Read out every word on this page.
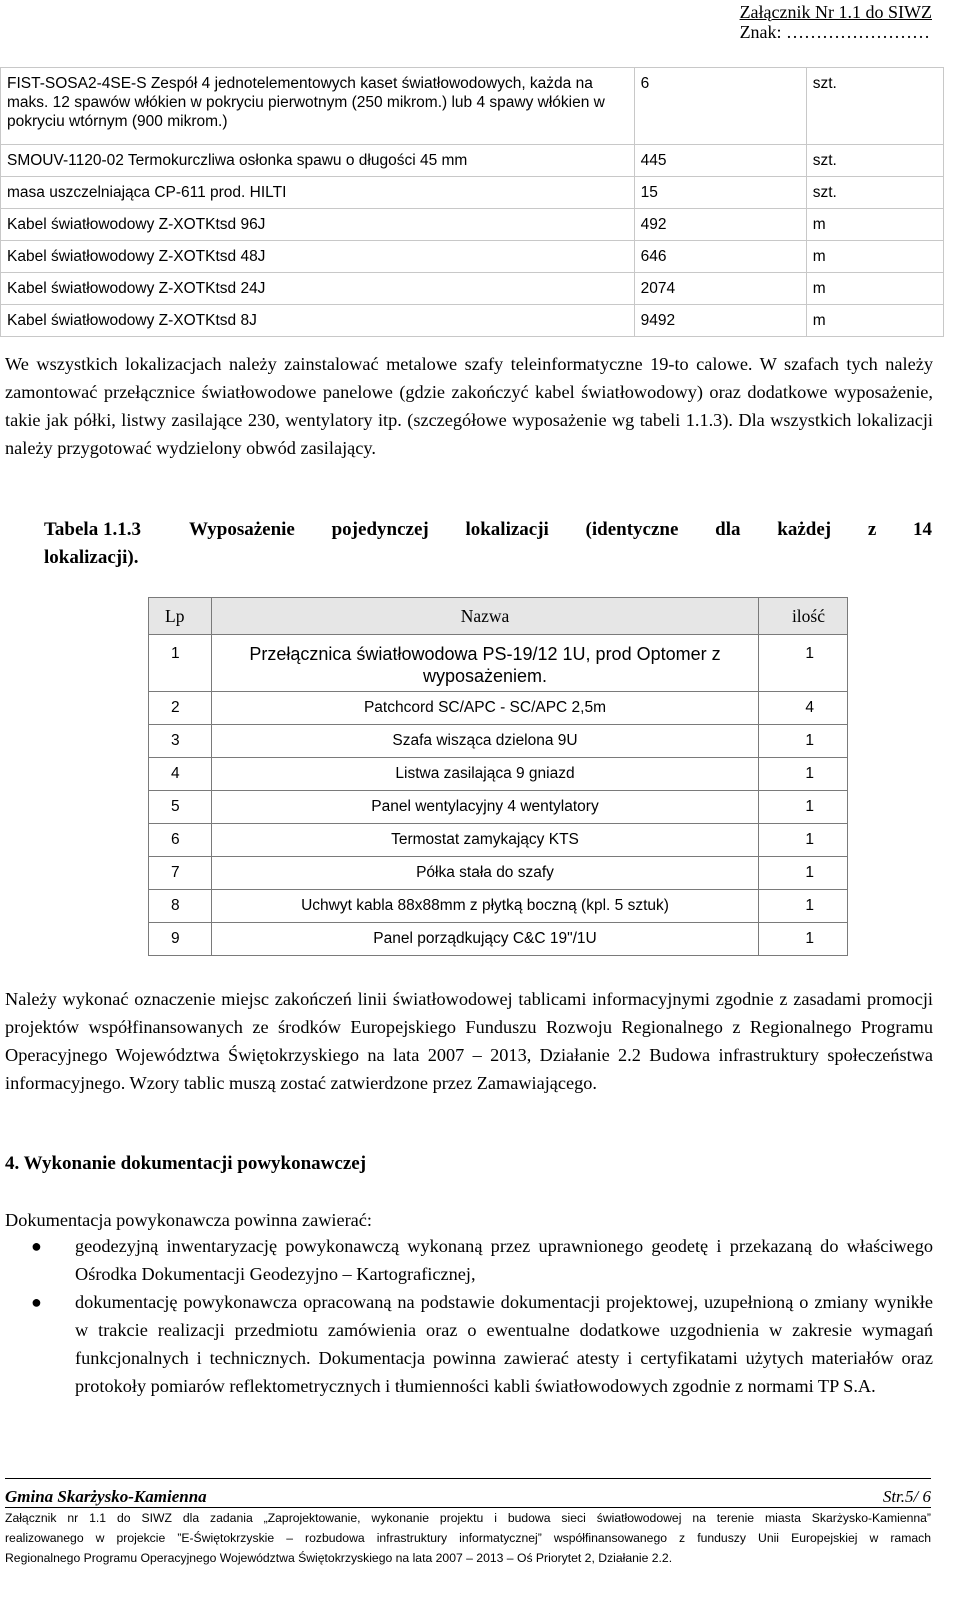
Załącznik Nr 1.1 do SIWZ
Znak: ……………………
FIST-SOSA2-4SE-S Zespół 4 jednotelementowych kaset światłowodowych, każda na maks. 12 spawów włókien w pokryciu pierwotnym (250 mikrom.) lub 4 spawy włókien w pokryciu wtórnym (900 mikrom.)	6	szt.
SMOUV-1120-02 Termokurczliwa osłonka spawu o długości 45 mm	445	szt.
masa uszczelniająca CP-611 prod. HILTI	15	szt.
Kabel światłowodowy Z-XOTKtsd 96J	492	m
Kabel światłowodowy Z-XOTKtsd 48J	646	m
Kabel światłowodowy Z-XOTKtsd 24J	2074	m
Kabel światłowodowy Z-XOTKtsd 8J	9492	m
We wszystkich lokalizacjach należy zainstalować metalowe szafy teleinformatyczne 19-to calowe. W szafach tych należy zamontować przełącznice światłowodowe panelowe (gdzie zakończyć kabel światłowodowy) oraz dodatkowe wyposażenie, takie jak półki, listwy zasilające 230, wentylatory itp. (szczegółowe wyposażenie wg tabeli 1.1.3). Dla wszystkich lokalizacji należy przygotować wydzielony obwód zasilający.
Tabela 1.1.3	Wyposażenie pojedynczej lokalizacji (identyczne dla każdej z 14
lokalizacji).
Lp	Nazwa	ilość
1	Przełącznica światłowodowa PS-19/12 1U, prod Optomer z wyposażeniem.	1
2	Patchcord SC/APC - SC/APC 2,5m	4
3	Szafa wisząca dzielona 9U	1
4	Listwa zasilająca 9 gniazd	1
5	Panel wentylacyjny 4 wentylatory	1
6	Termostat zamykający KTS	1
7	Półka stała do szafy	1
8	Uchwyt kabla 88x88mm z płytką boczną (kpl. 5 sztuk)	1
9	Panel porządkujący C&C 19"/1U	1
Należy wykonać oznaczenie miejsc zakończeń linii światłowodowej tablicami informacyjnymi zgodnie z zasadami promocji projektów współfinansowanych ze środków Europejskiego Funduszu Rozwoju Regionalnego z Regionalnego Programu Operacyjnego Województwa Świętokrzyskiego na lata 2007 – 2013, Działanie 2.2 Budowa infrastruktury społeczeństwa informacyjnego. Wzory tablic muszą zostać zatwierdzone przez Zamawiającego.
4. Wykonanie dokumentacji powykonawczej
Dokumentacja powykonawcza powinna zawierać:
● geodezyjną inwentaryzację powykonawczą wykonaną przez uprawnionego geodetę i przekazaną do właściwego Ośrodka Dokumentacji Geodezyjno – Kartograficznej,
● dokumentację powykonawcza opracowaną na podstawie dokumentacji projektowej, uzupełnioną o zmiany wynikłe w trakcie realizacji przedmiotu zamówienia oraz o ewentualne dodatkowe uzgodnienia w zakresie wymagań funkcjonalnych i technicznych. Dokumentacja powinna zawierać atesty i certyfikatami użytych materiałów oraz protokoły pomiarów reflektometrycznych i tłumienności kabli światłowodowych zgodnie z normami TP S.A.
Gmina Skarżysko-Kamienna	Str.5/ 6
Załącznik nr 1.1 do SIWZ dla zadania „Zaprojektowanie, wykonanie projektu i budowa sieci światłowodowej na terenie miasta Skarżysko-Kamienna”
realizowanego w projekcie ”E-Świętokrzyskie – rozbudowa infrastruktury informatycznej” współfinansowanego z funduszy Unii Europejskiej w ramach
Regionalnego Programu Operacyjnego Województwa Świętokrzyskiego na lata 2007 – 2013 – Oś Priorytet 2, Działanie 2.2.
